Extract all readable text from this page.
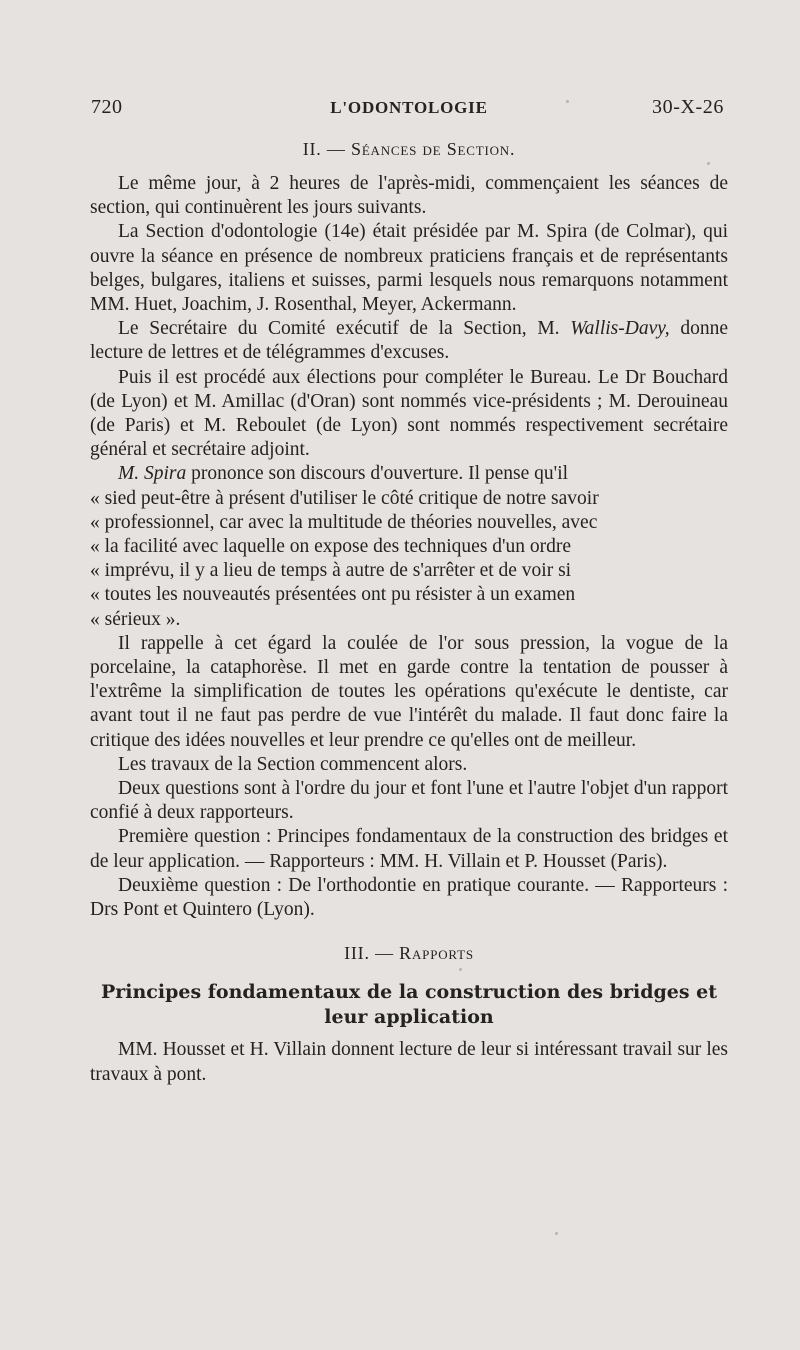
720	L'ODONTOLOGIE	30-X-26
II. — Séances de Section.

Le même jour, à 2 heures de l'après-midi, commençaient les séances de section, qui continuèrent les jours suivants.

La Section d'odontologie (14e) était présidée par M. Spira (de Colmar), qui ouvre la séance en présence de nombreux praticiens français et de représentants belges, bulgares, italiens et suisses, parmi lesquels nous remarquons notamment MM. Huet, Joachim, J. Rosenthal, Meyer, Ackermann.

Le Secrétaire du Comité exécutif de la Section, M. Wallis-Davy, donne lecture de lettres et de télégrammes d'excuses.

Puis il est procédé aux élections pour compléter le Bureau. Le Dr Bouchard (de Lyon) et M. Amillac (d'Oran) sont nommés vice-présidents ; M. Derouineau (de Paris) et M. Reboulet (de Lyon) sont nommés respectivement secrétaire général et secrétaire adjoint.

M. Spira prononce son discours d'ouverture. Il pense qu'il
« sied peut-être à présent d'utiliser le côté critique de notre savoir
« professionnel, car avec la multitude de théories nouvelles, avec
« la facilité avec laquelle on expose des techniques d'un ordre
« imprévu, il y a lieu de temps à autre de s'arrêter et de voir si
« toutes les nouveautés présentées ont pu résister à un examen
« sérieux ».

Il rappelle à cet égard la coulée de l'or sous pression, la vogue de la porcelaine, la cataphorèse. Il met en garde contre la tentation de pousser à l'extrême la simplification de toutes les opérations qu'exécute le dentiste, car avant tout il ne faut pas perdre de vue l'intérêt du malade. Il faut donc faire la critique des idées nouvelles et leur prendre ce qu'elles ont de meilleur.

Les travaux de la Section commencent alors.

Deux questions sont à l'ordre du jour et font l'une et l'autre l'objet d'un rapport confié à deux rapporteurs.

Première question : Principes fondamentaux de la construction des bridges et de leur application. — Rapporteurs : MM. H. Villain et P. Housset (Paris).

Deuxième question : De l'orthodontie en pratique courante. — Rapporteurs : Drs Pont et Quintero (Lyon).

III. — Rapports
Principes fondamentaux de la construction des bridges et leur application

MM. Housset et H. Villain donnent lecture de leur si intéressant travail sur les travaux à pont.
